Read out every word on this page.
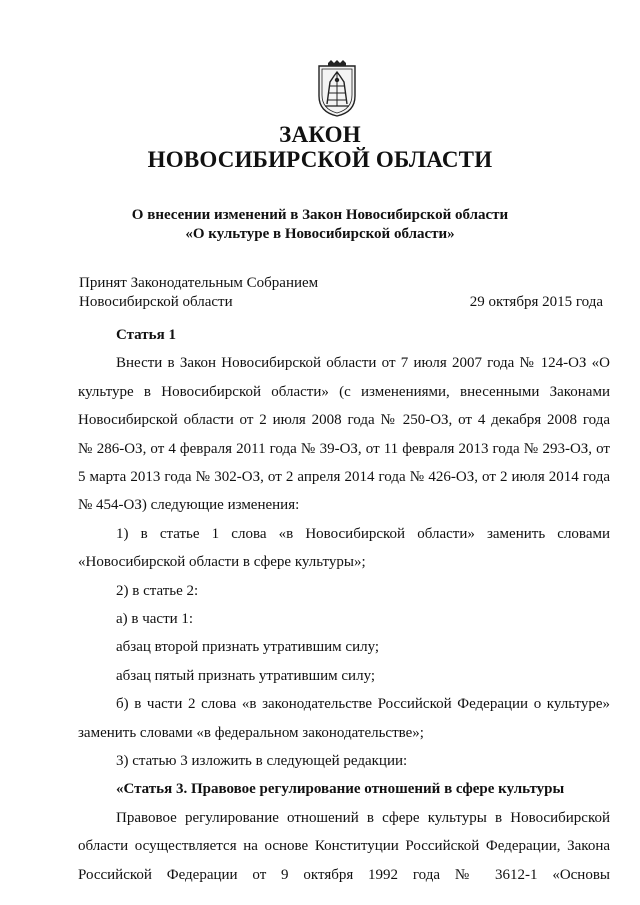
ЗАКОН
НОВОСИБИРСКОЙ ОБЛАСТИ
О внесении изменений в Закон Новосибирской области
«О культуре в Новосибирской области»
Принят Законодательным Собранием
Новосибирской области	29 октября 2015 года
Статья 1
Внести в Закон Новосибирской области от 7 июля 2007 года № 124-ОЗ «О
культуре в Новосибирской области» (с изменениями, внесенными Законами
Новосибирской области от 2 июля 2008 года № 250-ОЗ, от 4 декабря 2008 года
№ 286-ОЗ, от 4 февраля 2011 года № 39-ОЗ, от 11 февраля 2013 года № 293-ОЗ, от
5 марта 2013 года № 302-ОЗ, от 2 апреля 2014 года № 426-ОЗ, от 2 июля 2014 года
№ 454-ОЗ) следующие изменения:
1) в статье 1 слова «в Новосибирской области» заменить словами
«Новосибирской области в сфере культуры»;
2) в статье 2:
а) в части 1:
абзац второй признать утратившим силу;
абзац пятый признать утратившим силу;
б) в части 2 слова «в законодательстве Российской Федерации о культуре»
заменить словами «в федеральном законодательстве»;
3) статью 3 изложить в следующей редакции:
«Статья 3. Правовое регулирование отношений в сфере культуры
Правовое регулирование отношений в сфере культуры в Новосибирской
области осуществляется на основе Конституции Российской Федерации, Закона
Российской Федерации от 9 октября 1992 года № 3612-1 «Основы
